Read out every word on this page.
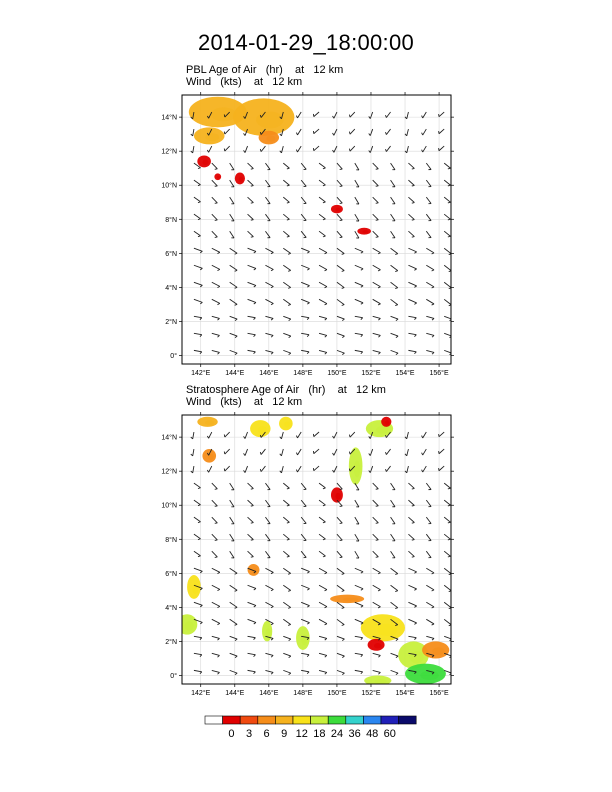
2014-01-29_18:00:00
PBL Age of Air (hr) at   12 km
Wind (kts) at   12 km
Stratosphere Age of Air (hr) at   12 km
Wind (kts) at   12 km
142°E 144°E 146°E 148°E 150°E 152°E 154°E 156°E
14°N
12°N
10°N
8°N
6°N
4°N
2°N
0°
142°E 144°E 146°E 148°E 150°E 152°E 154°E 156°E
14°N
12°N
10°N
8°N
6°N
4°N
2°N
0°
0 3 6 9 12 18 24 36 48 60
